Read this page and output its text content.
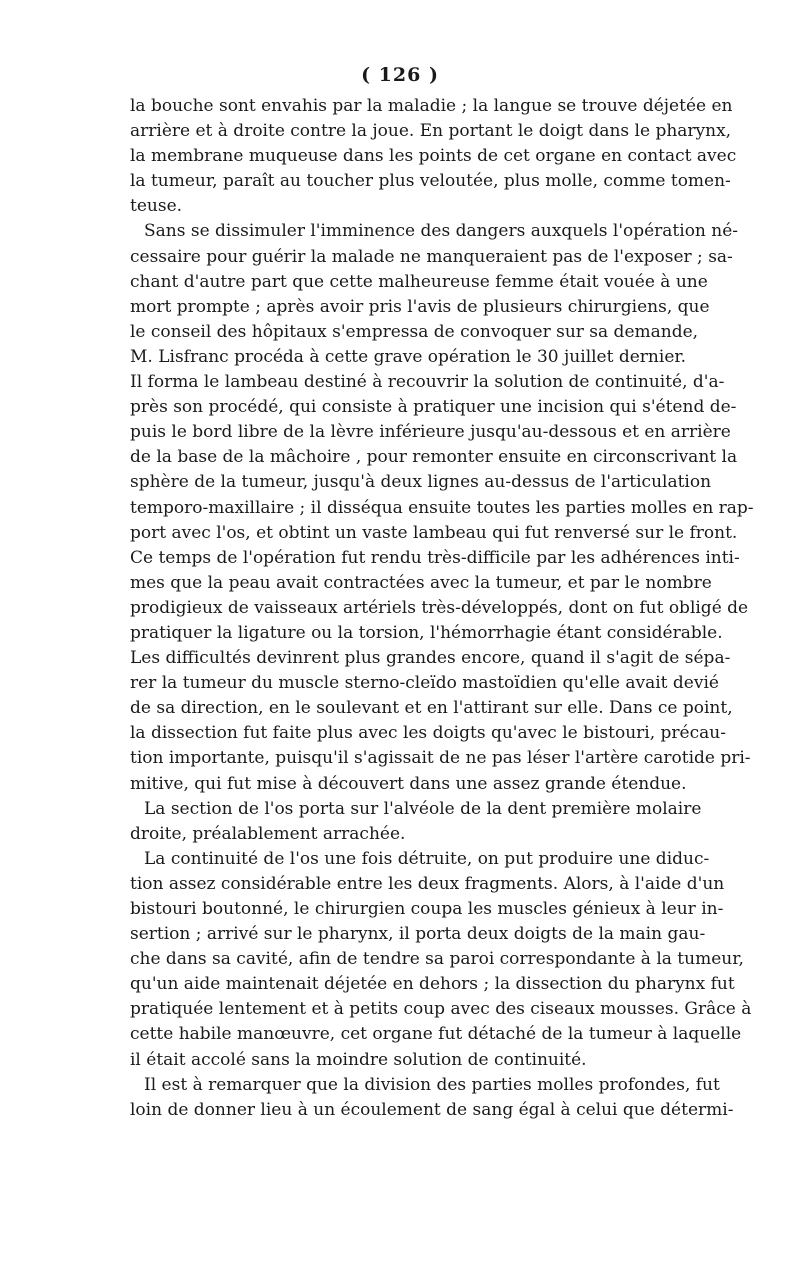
( 126 )
la bouche sont envahis par la maladie ; la langue se trouve déjetée en
arrière et à droite contre la joue. En portant le doigt dans le pharynx,
la membrane muqueuse dans les points de cet organe en contact avec
la tumeur, paraît au toucher plus veloutée, plus molle, comme tomen-
teuse.
Sans se dissimuler l'imminence des dangers auxquels l'opération né-
cessaire pour guérir la malade ne manqueraient pas de l'exposer ; sa-
chant d'autre part que cette malheureuse femme était vouée à une
mort prompte ; après avoir pris l'avis de plusieurs chirurgiens, que
le conseil des hôpitaux s'empressa de convoquer sur sa demande,
M. Lisfranc procéda à cette grave opération le 30 juillet dernier.
Il forma le lambeau destiné à recouvrir la solution de continuité, d'a-
près son procédé, qui consiste à pratiquer une incision qui s'étend de-
puis le bord libre de la lèvre inférieure jusqu'au-dessous et en arrière
de la base de la mâchoire , pour remonter ensuite en circonscrivant la
sphère de la tumeur, jusqu'à deux lignes au-dessus de l'articulation
temporo-maxillaire ; il disséqua ensuite toutes les parties molles en rap-
port avec l'os, et obtint un vaste lambeau qui fut renversé sur le front.
Ce temps de l'opération fut rendu très-difficile par les adhérences inti-
mes que la peau avait contractées avec la tumeur, et par le nombre
prodigieux de vaisseaux artériels très-développés, dont on fut obligé de
pratiquer la ligature ou la torsion, l'hémorrhagie étant considérable.
Les difficultés devinrent plus grandes encore, quand il s'agit de sépa-
rer la tumeur du muscle sterno-cleïdo mastoïdien qu'elle avait devié
de sa direction, en le soulevant et en l'attirant sur elle. Dans ce point,
la dissection fut faite plus avec les doigts qu'avec le bistouri, précau-
tion importante, puisqu'il s'agissait de ne pas léser l'artère carotide pri-
mitive, qui fut mise à découvert dans une assez grande étendue.
La section de l'os porta sur l'alvéole de la dent première molaire
droite, préalablement arrachée.
La continuité de l'os une fois détruite, on put produire une diduc-
tion assez considérable entre les deux fragments. Alors, à l'aide d'un
bistouri boutonné, le chirurgien coupa les muscles génieux à leur in-
sertion ; arrivé sur le pharynx, il porta deux doigts de la main gau-
che dans sa cavité, afin de tendre sa paroi correspondante à la tumeur,
qu'un aide maintenait déjetée en dehors ; la dissection du pharynx fut
pratiquée lentement et à petits coup avec des ciseaux mousses. Grâce à
cette habile manœuvre, cet organe fut détaché de la tumeur à laquelle
il était accolé sans la moindre solution de continuité.
Il est à remarquer que la division des parties molles profondes, fut
loin de donner lieu à un écoulement de sang égal à celui que détermi-
